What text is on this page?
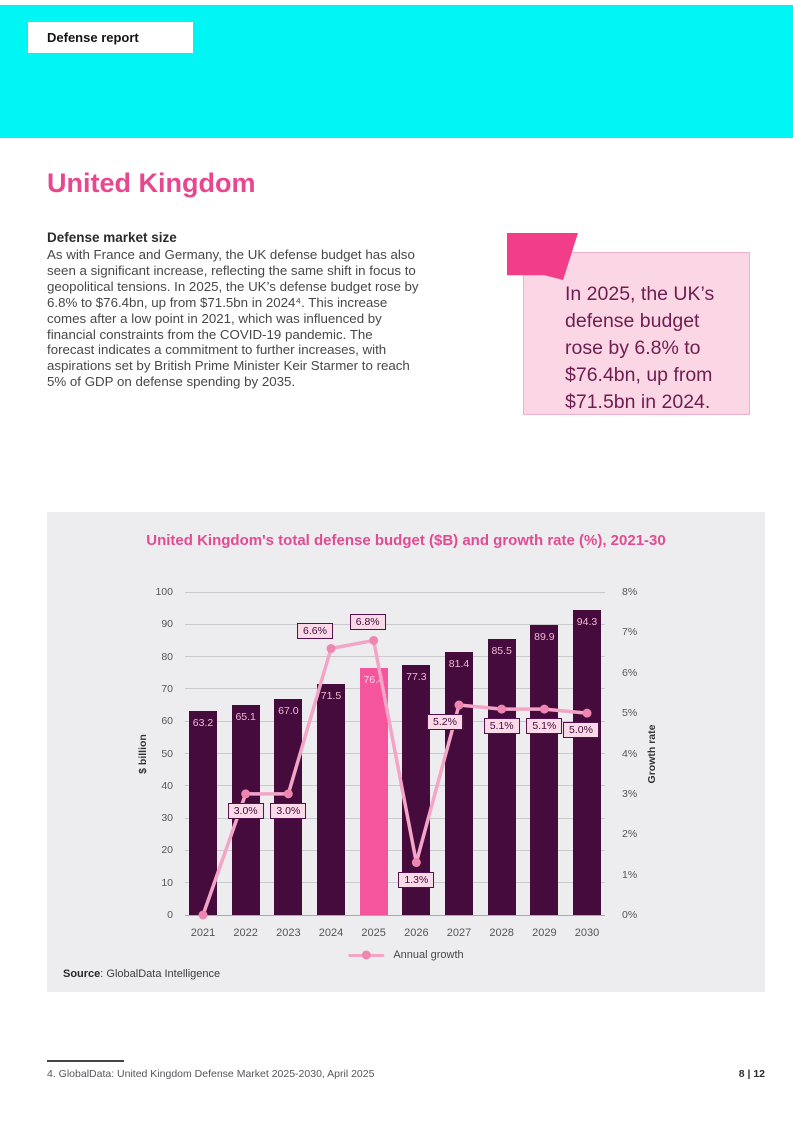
Defense report
United Kingdom
Defense market size
As with France and Germany, the UK defense budget has also seen a significant increase, reflecting the same shift in focus to geopolitical tensions. In 2025, the UK’s defense budget rose by 6.8% to $76.4bn, up from $71.5bn in 2024⁴. This increase comes after a low point in 2021, which was influenced by financial constraints from the COVID-19 pandemic. The forecast indicates a commitment to further increases, with aspirations set by British Prime Minister Keir Starmer to reach 5% of GDP on defense spending by 2035.
In 2025, the UK’s defense budget rose by 6.8% to $76.4bn, up from $71.5bn in 2024.
United Kingdom's total defense budget ($B) and growth rate (%), 2021-30
$ billion	Growth rate
0
10
20
30
40
50
60
70
80
90
100
0%
1%
2%
3%
4%
5%
6%
7%
8%
63.2
2021
65.1
2022
67.0
2023
71.5
2024
76.4
2025
77.3
2026
81.4
2027
85.5
2028
89.9
2029
94.3
2030
3.0%	3.0%
6.6%
6.8%
1.3%
5.2%	5.1%	5.1%	5.0%
Annual growth
Source: GlobalData Intelligence
4. GlobalData: United Kingdom Defense Market 2025-2030, April 2025	8 | 12
